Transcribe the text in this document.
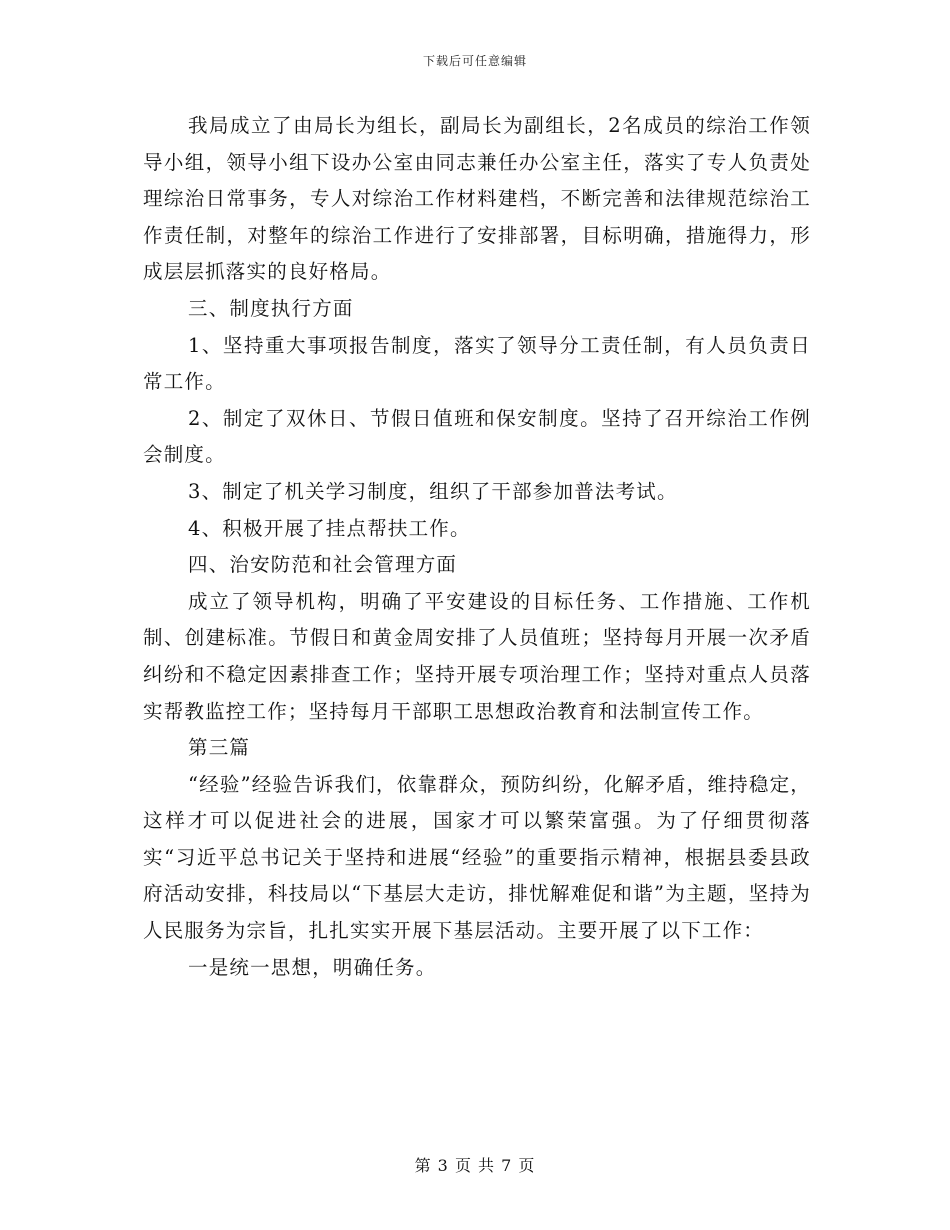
下载后可任意编辑

我局成立了由局长为组长，副局长为副组长，2名成员的综治工作领导小组，领导小组下设办公室由同志兼任办公室主任，落实了专人负责处理综治日常事务，专人对综治工作材料建档，不断完善和法律规范综治工作责任制，对整年的综治工作进行了安排部署，目标明确，措施得力，形成层层抓落实的良好格局。

三、制度执行方面

1、坚持重大事项报告制度，落实了领导分工责任制，有人员负责日常工作。

2、制定了双休日、节假日值班和保安制度。坚持了召开综治工作例会制度。

3、制定了机关学习制度，组织了干部参加普法考试。

4、积极开展了挂点帮扶工作。

四、治安防范和社会管理方面

成立了领导机构，明确了平安建设的目标任务、工作措施、工作机制、创建标准。节假日和黄金周安排了人员值班；坚持每月开展一次矛盾纠纷和不稳定因素排查工作；坚持开展专项治理工作；坚持对重点人员落实帮教监控工作；坚持每月干部职工思想政治教育和法制宣传工作。

第三篇

“经验”经验告诉我们，依靠群众，预防纠纷，化解矛盾，维持稳定，这样才可以促进社会的进展，国家才可以繁荣富强。为了仔细贯彻落实“习近平总书记关于坚持和进展“经验”的重要指示精神，根据县委县政府活动安排，科技局以“下基层大走访，排忧解难促和谐”为主题，坚持为人民服务为宗旨，扎扎实实开展下基层活动。主要开展了以下工作：

一是统一思想，明确任务。

第 3 页 共 7 页
